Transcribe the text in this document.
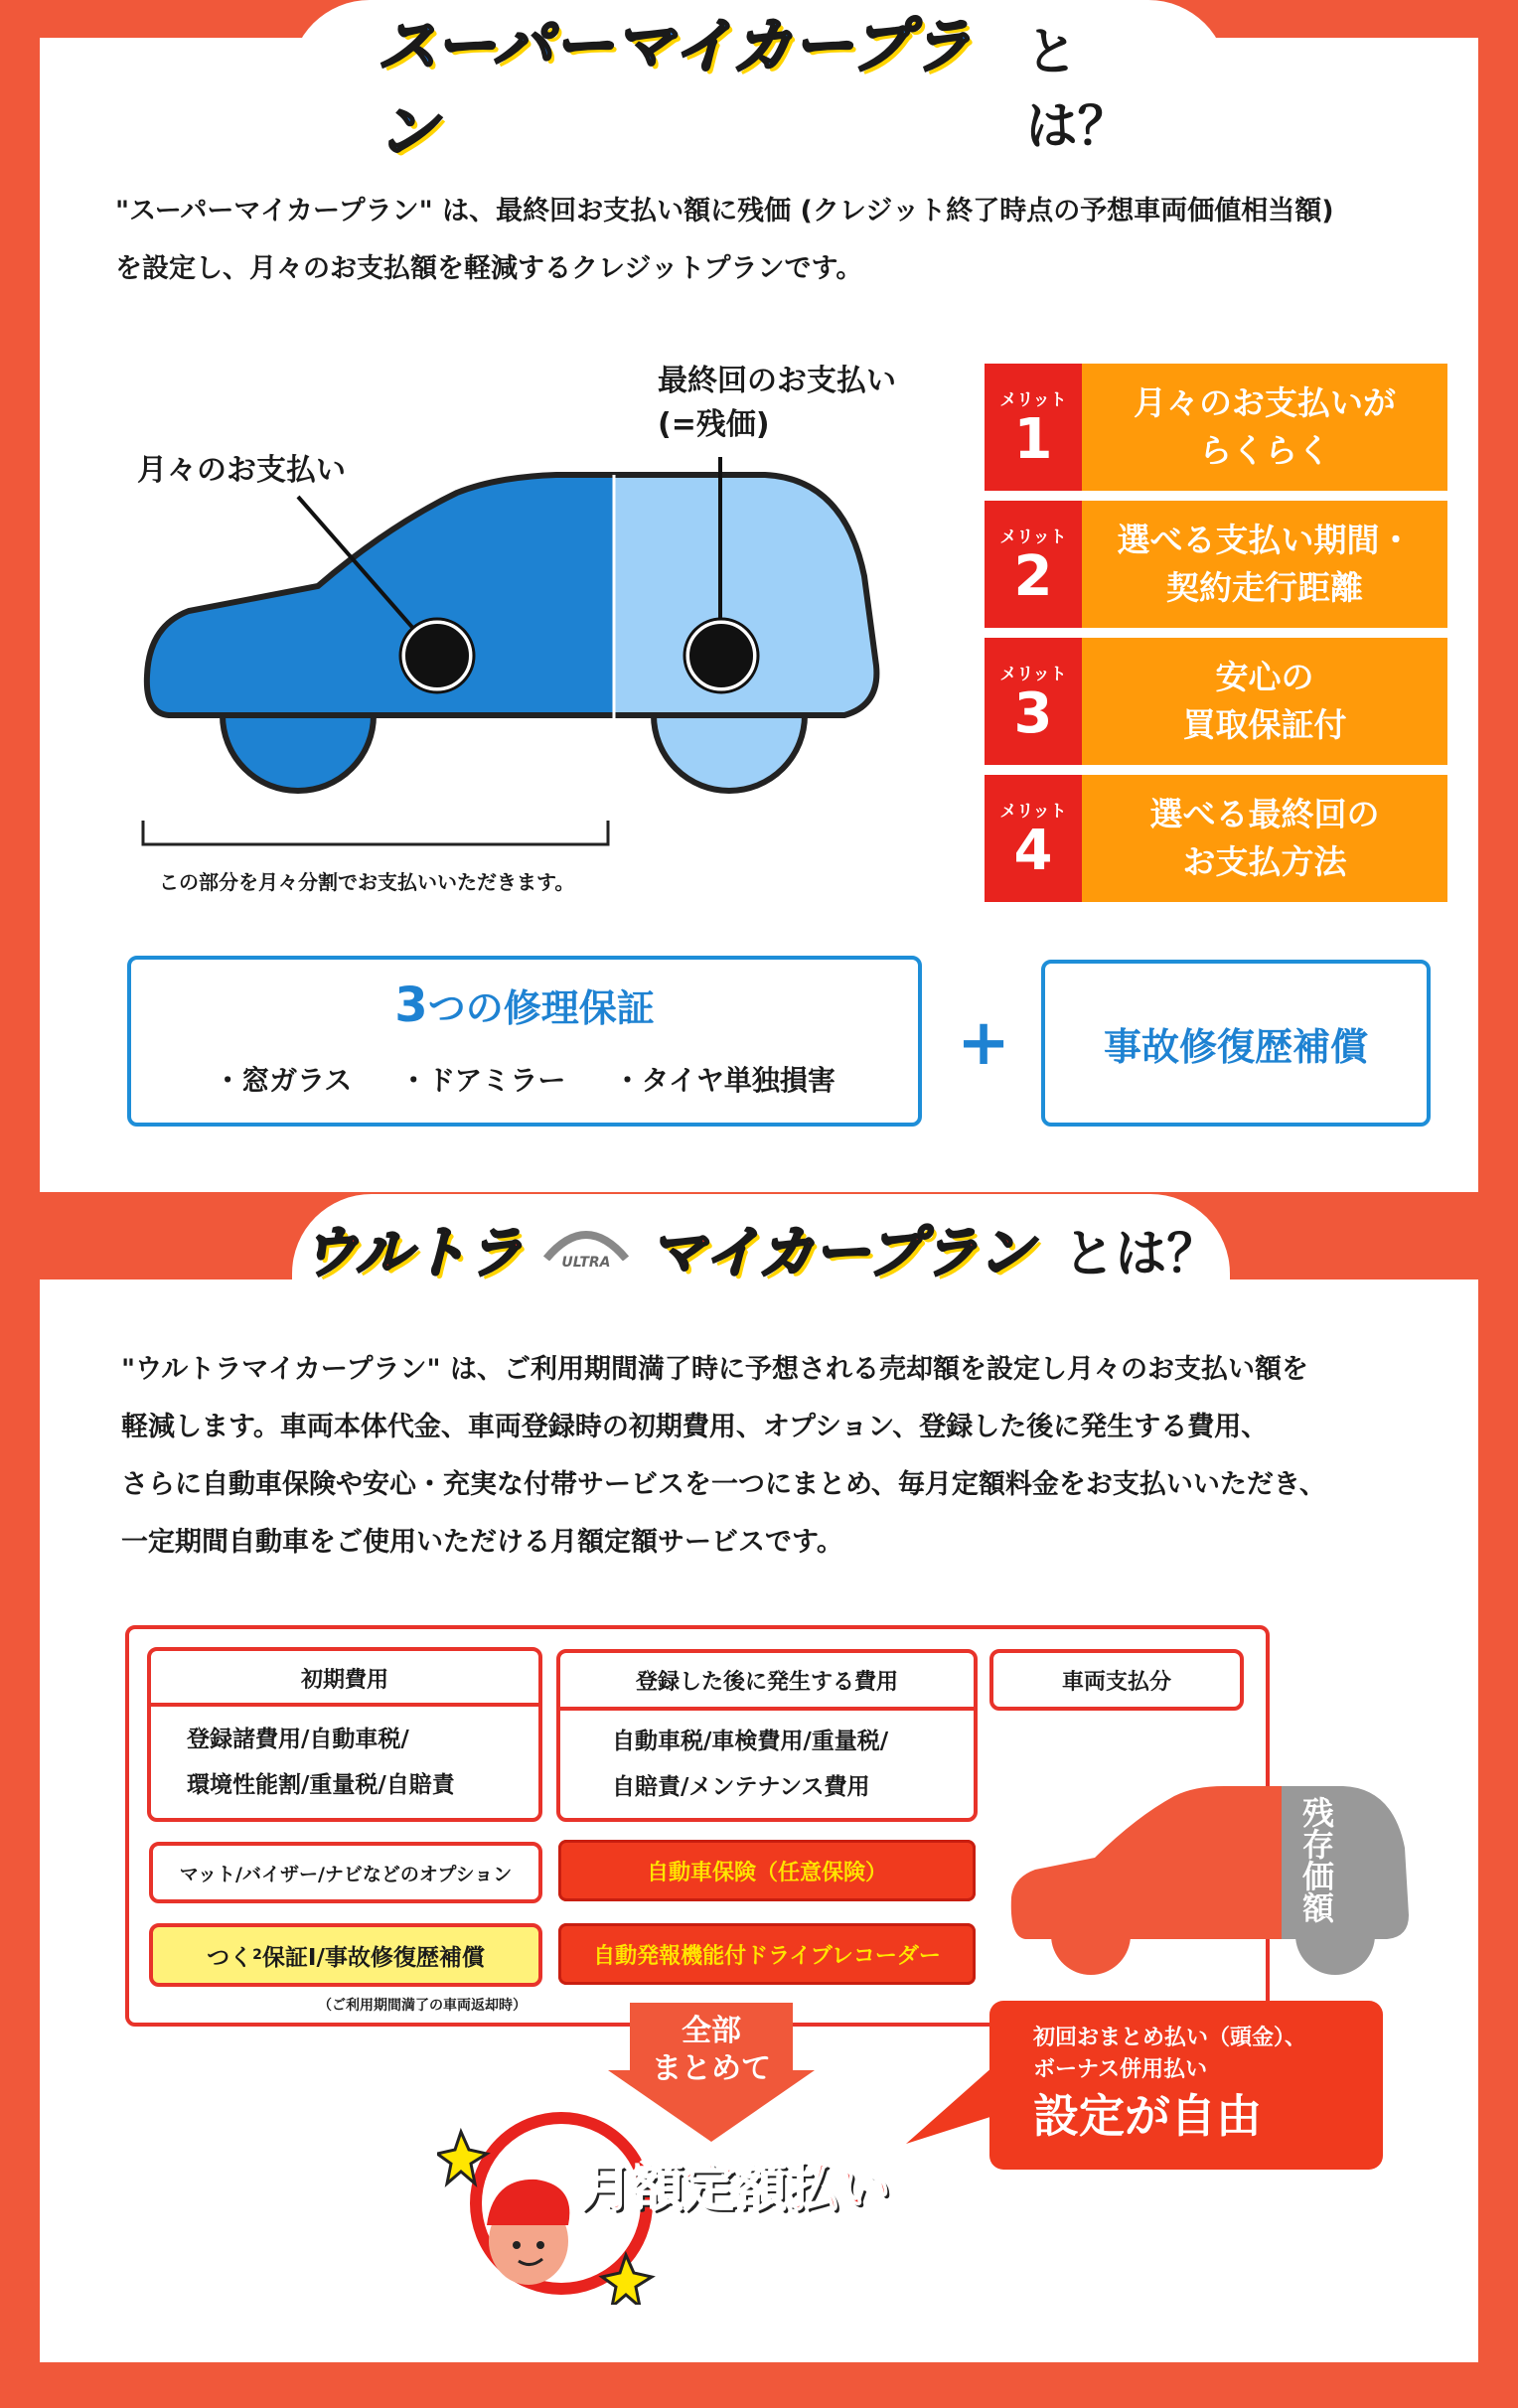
スーパーマイカープラン
とは？
"スーパーマイカープラン" は、最終回お支払い額に残価 (クレジット終了時点の予想車両価値相当額)
を設定し、月々のお支払額を軽減するクレジットプランです。
月々のお支払い
最終回のお支払い
(=残価)
この部分を月々分割でお支払いいただきます。
メリット
1
月々のお支払いが
らくらく
メリット
2
選べる支払い期間・
契約走行距離
メリット
3
安心の
買取保証付
メリット
4
選べる最終回の
お支払方法
3つの修理保証
・窓ガラス ・ドアミラー ・タイヤ単独損害
+ 事故修復歴補償
ウルトラ	ULTRA マイカープラン とは？
"ウルトラマイカープラン" は、ご利用期間満了時に予想される売却額を設定し月々のお支払い額を
軽減します。車両本体代金、車両登録時の初期費用、オプション、登録した後に発生する費用、
さらに自動車保険や安心・充実な付帯サービスを一つにまとめ、毎月定額料金をお支払いいただき、
一定期間自動車をご使用いただける月額定額サービスです。
初期費用
登録諸費用/自動車税/
環境性能割/重量税/自賠責
登録した後に発生する費用
自動車税/車検費用/重量税/
自賠責/メンテナンス費用
車両支払分
残存価額
マット/バイザー/ナビなどのオプション	自動車保険（任意保険）
自動発報機能付ドライブレコーダー
つく 2 保証Ⅰ/事故修復歴補償
（ご利用期間満了の車両返却時）
全部
まとめて
月額定額払い
初回おまとめ払い（頭金）、
ボーナス併用払い
設定が自由
